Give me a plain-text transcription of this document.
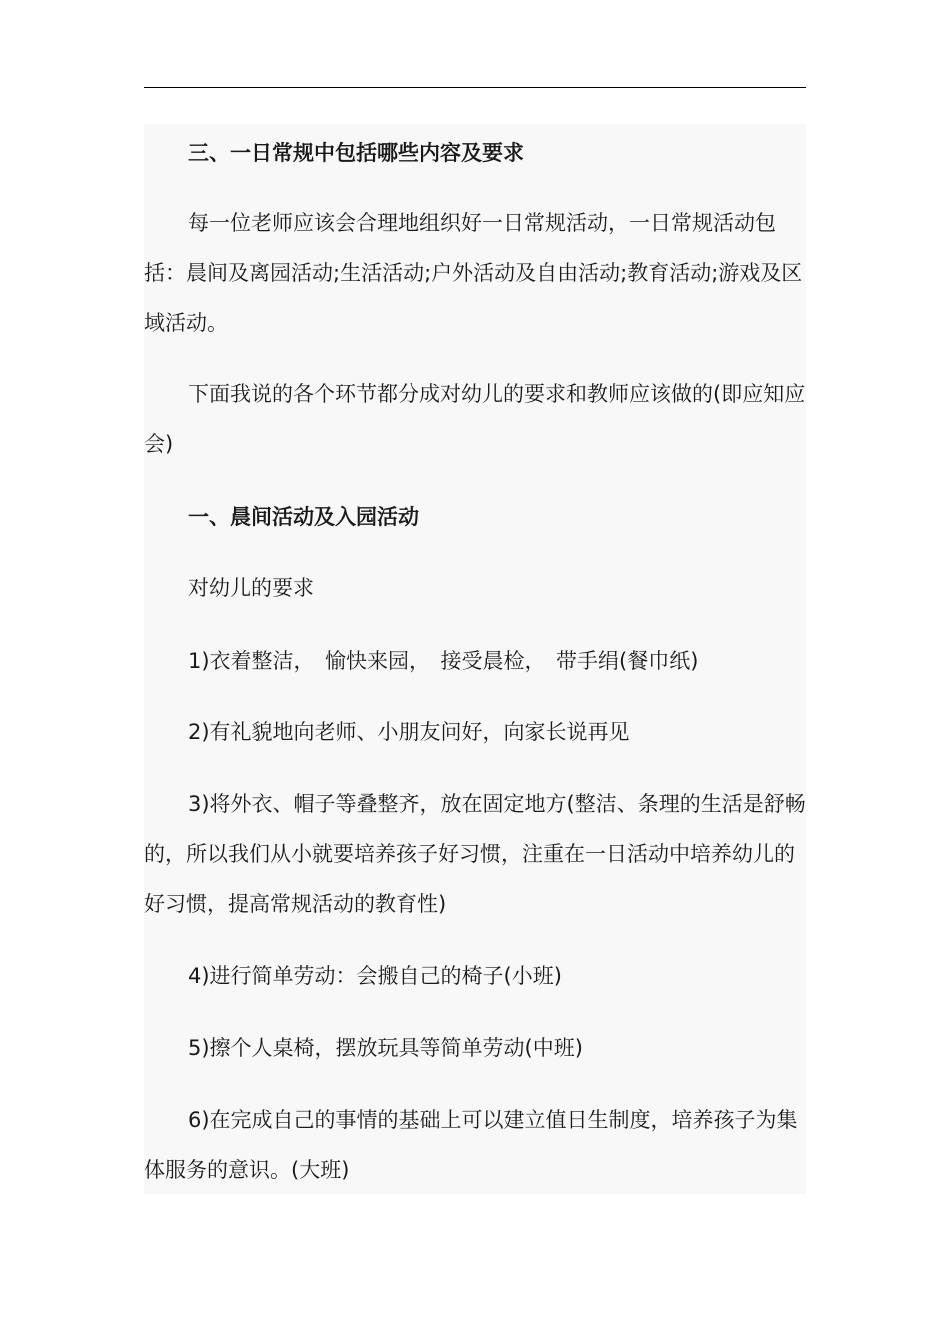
三、一日常规中包括哪些内容及要求

每一位老师应该会合理地组织好一日常规活动，一日常规活动包括：晨间及离园活动;生活活动;户外活动及自由活动;教育活动;游戏及区域活动。

下面我说的各个环节都分成对幼儿的要求和教师应该做的(即应知应会)

一、晨间活动及入园活动

对幼儿的要求

1)衣着整洁，　愉快来园，　接受晨检，　带手绢(餐巾纸)

2)有礼貌地向老师、小朋友问好，向家长说再见

3)将外衣、帽子等叠整齐，放在固定地方(整洁、条理的生活是舒畅的，所以我们从小就要培养孩子好习惯，注重在一日活动中培养幼儿的好习惯，提高常规活动的教育性)

4)进行简单劳动：会搬自己的椅子(小班)

5)擦个人桌椅，摆放玩具等简单劳动(中班)

6)在完成自己的事情的基础上可以建立值日生制度，培养孩子为集体服务的意识。(大班)
